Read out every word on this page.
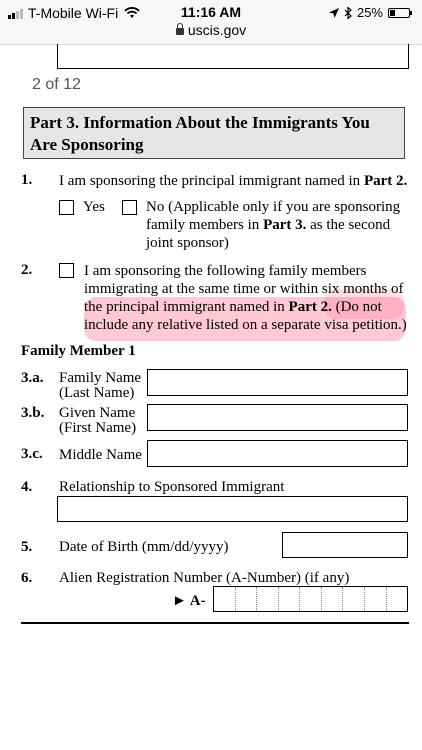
T-Mobile Wi-Fi	11:16 AM
uscis.gov
25%
2 of 12
Part 3. Information About the Immigrants You
Are Sponsoring
1. I am sponsoring the principal immigrant named in Part 2.
Yes	No (Applicable only if you are sponsoring
family members in Part 3. as the second
joint sponsor)
2.	I am sponsoring the following family members
immigrating at the same time or within six months of
the principal immigrant named in Part 2. (Do not
include any relative listed on a separate visa petition.)
Family Member 1
3.a. Family Name
(Last Name)
3.b. Given Name
(First Name)
3.c. Middle Name
4. Relationship to Sponsored Immigrant
5. Date of Birth (mm/dd/yyyy)
6. Alien Registration Number (A-Number) (if any)
► A-
